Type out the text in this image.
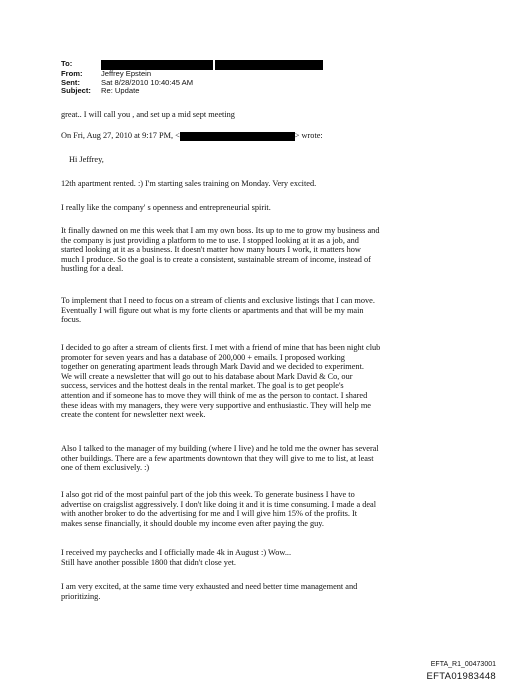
To:
From:	Jeffrey Epstein
Sent:	Sat 8/28/2010 10:40:45 AM
Subject:	Re: Update
great.. I will call you , and set up a mid sept meeting
On Fri, Aug 27, 2010 at 9:17 PM, <	> wrote:
Hi Jeffrey,

12th apartment rented. :) I'm starting sales training on Monday. Very excited.

I really like the company' s openness and entrepreneurial spirit.

It finally dawned on me this week that I am my own boss. Its up to me to grow my business and
the company is just providing a platform to me to use. I stopped looking at it as a job, and
started looking at it as a business. It doesn't matter how many hours I work, it matters how
much I produce. So the goal is to create a consistent, sustainable stream of income, instead of
hustling for a deal.

To implement that I need to focus on a stream of clients and exclusive listings that I can move.
Eventually I will figure out what is my forte clients or apartments and that will be my main
focus.

I decided to go after a stream of clients first. I met with a friend of mine that has been night club
promoter for seven years and has a database of 200,000 + emails. I proposed working
together on generating apartment leads through Mark David and we decided to experiment.
We will create a newsletter that will go out to his database about Mark David & Co, our
success, services and the hottest deals in the rental market. The goal is to get people's
attention and if someone has to move they will think of me as the person to contact. I shared
these ideas with my managers, they were very supportive and enthusiastic. They will help me
create the content for newsletter next week.

Also I talked to the manager of my building (where I live) and he told me the owner has several
other buildings. There are a few apartments downtown that they will give to me to list, at least
one of them exclusively. :)

I also got rid of the most painful part of the job this week. To generate business I have to
advertise on craigslist aggressively. I don't like doing it and it is time consuming. I made a deal
with another broker to do the advertising for me and I will give him 15% of the profits. It
makes sense financially, it should double my income even after paying the guy.

I received my paychecks and I officially made 4k in August :) Wow...
Still have another possible 1800 that didn't close yet.

I am very excited, at the same time very exhausted and need better time management and
prioritizing.

EFTA_R1_00473001
EFTA01983448
